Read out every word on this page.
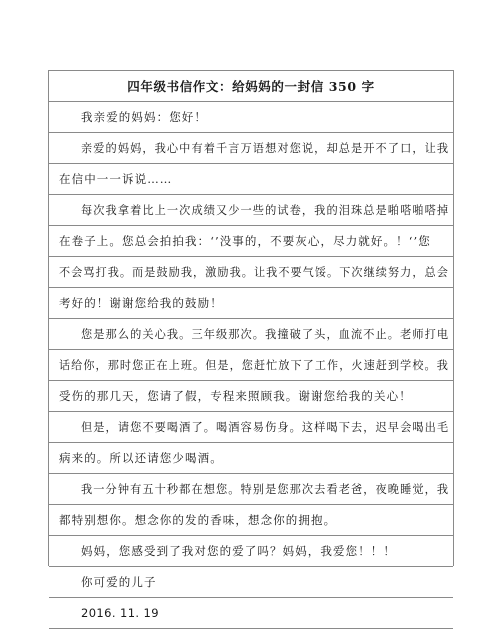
四年级书信作文：给妈妈的一封信 350 字
我亲爱的妈妈：您好！
亲爱的妈妈，我心中有着千言万语想对您说，却总是开不了口，让我
在信中一一诉说……
每次我拿着比上一次成绩又少一些的试卷，我的泪珠总是啪嗒啪嗒掉
在卷子上。您总会拍拍我：‘’没事的，不要灰心，尽力就好。！‘’您
不会骂打我。而是鼓励我，激励我。让我不要气馁。下次继续努力，总会
考好的！谢谢您给我的鼓励！
您是那么的关心我。三年级那次。我撞破了头，血流不止。老师打电
话给你，那时您正在上班。但是，您赶忙放下了工作，火速赶到学校。我
受伤的那几天，您请了假，专程来照顾我。谢谢您给我的关心！
但是，请您不要喝酒了。喝酒容易伤身。这样喝下去，迟早会喝出毛
病来的。所以还请您少喝酒。
我一分钟有五十秒都在想您。特别是您那次去看老爸，夜晚睡觉，我
都特别想你。想念你的发的香味，想念你的拥抱。
妈妈，您感受到了我对您的爱了吗？妈妈，我爱您！！！
你可爱的儿子
2016. 11. 19
